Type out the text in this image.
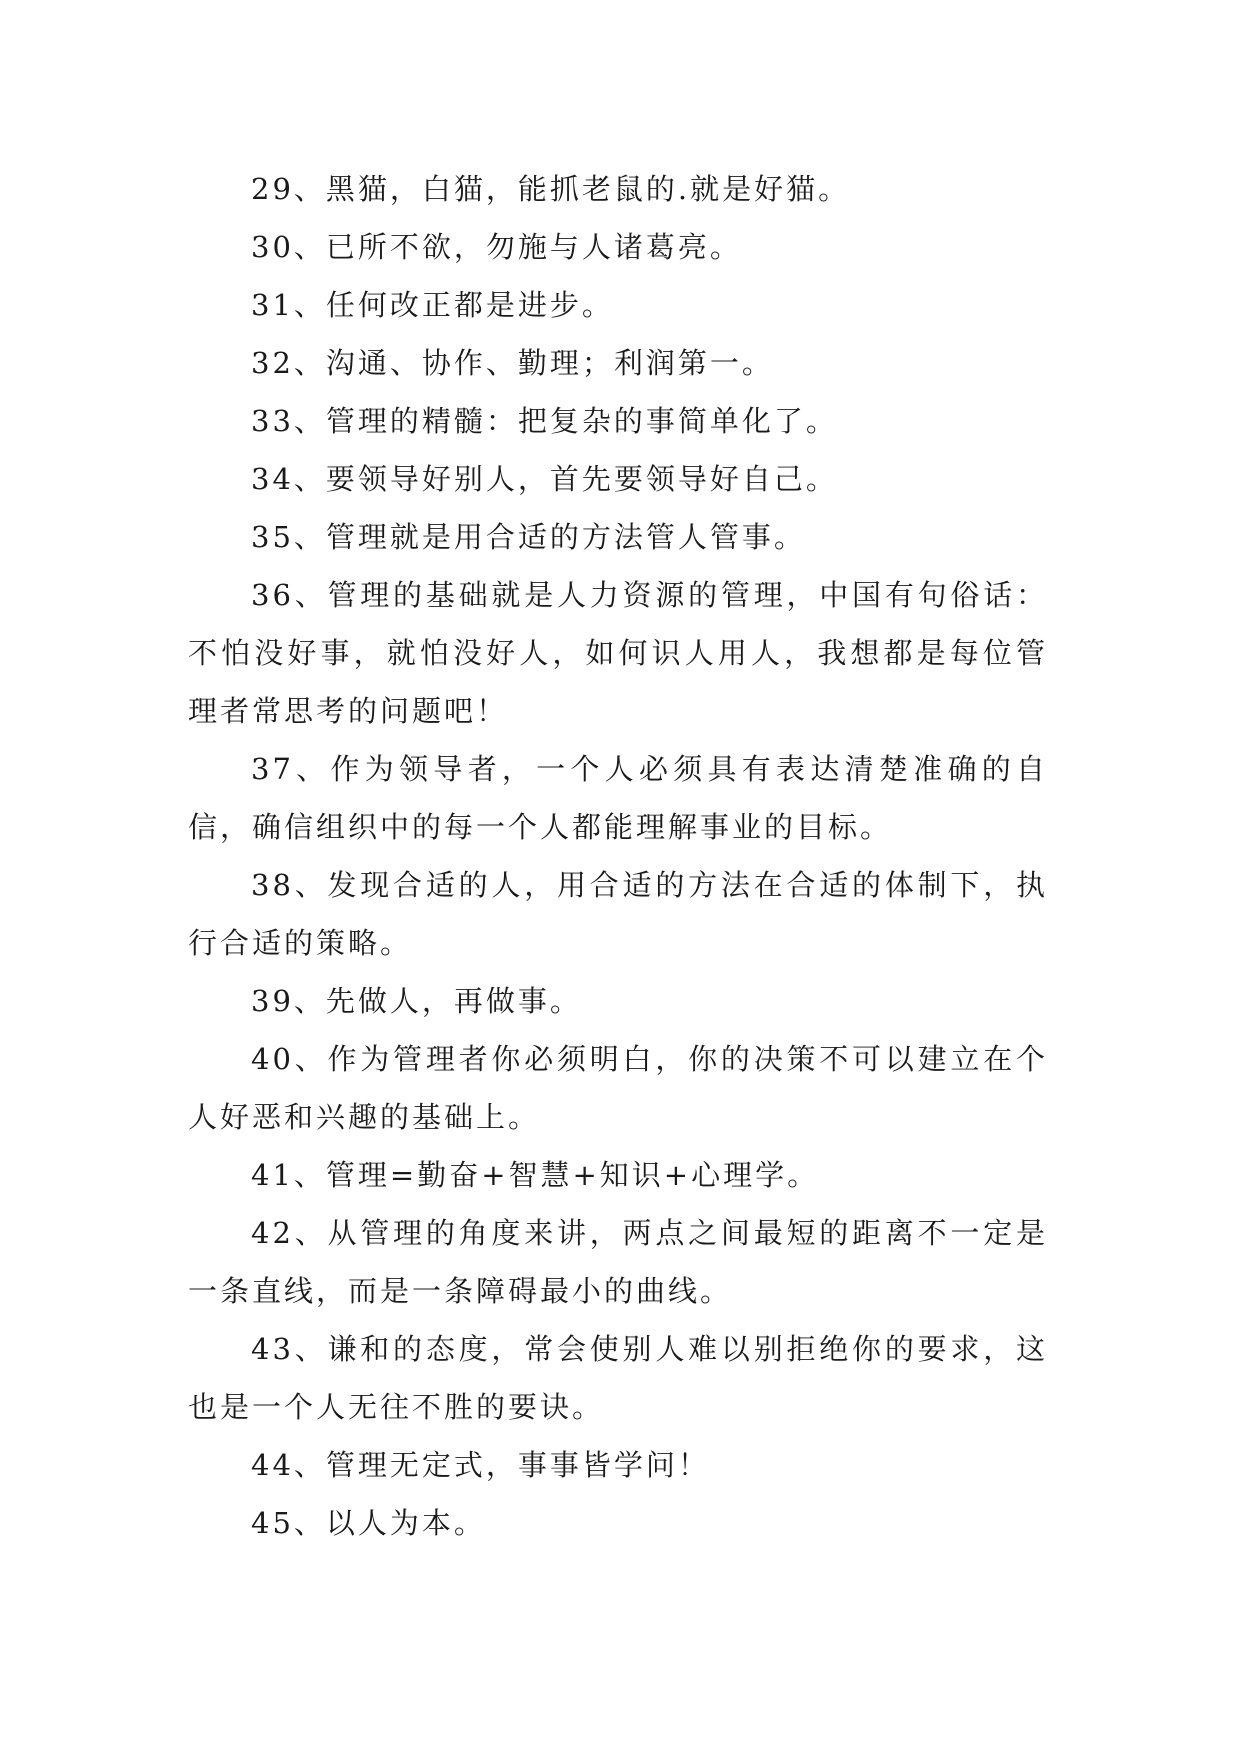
29、黑猫，白猫，能抓老鼠的.就是好猫。

30、已所不欲，勿施与人诸葛亮。

31、任何改正都是进步。

32、沟通、协作、勤理；利润第一。

33、管理的精髓：把复杂的事简单化了。

34、要领导好别人，首先要领导好自己。

35、管理就是用合适的方法管人管事。

36、管理的基础就是人力资源的管理，中国有句俗话：不怕没好事，就怕没好人，如何识人用人，我想都是每位管理者常思考的问题吧！

37、作为领导者，一个人必须具有表达清楚准确的自信，确信组织中的每一个人都能理解事业的目标。

38、发现合适的人，用合适的方法在合适的体制下，执行合适的策略。

39、先做人，再做事。

40、作为管理者你必须明白，你的决策不可以建立在个人好恶和兴趣的基础上。

41、管理=勤奋+智慧+知识+心理学。

42、从管理的角度来讲，两点之间最短的距离不一定是一条直线，而是一条障碍最小的曲线。

43、谦和的态度，常会使别人难以别拒绝你的要求，这也是一个人无往不胜的要诀。

44、管理无定式，事事皆学问！

45、以人为本。
